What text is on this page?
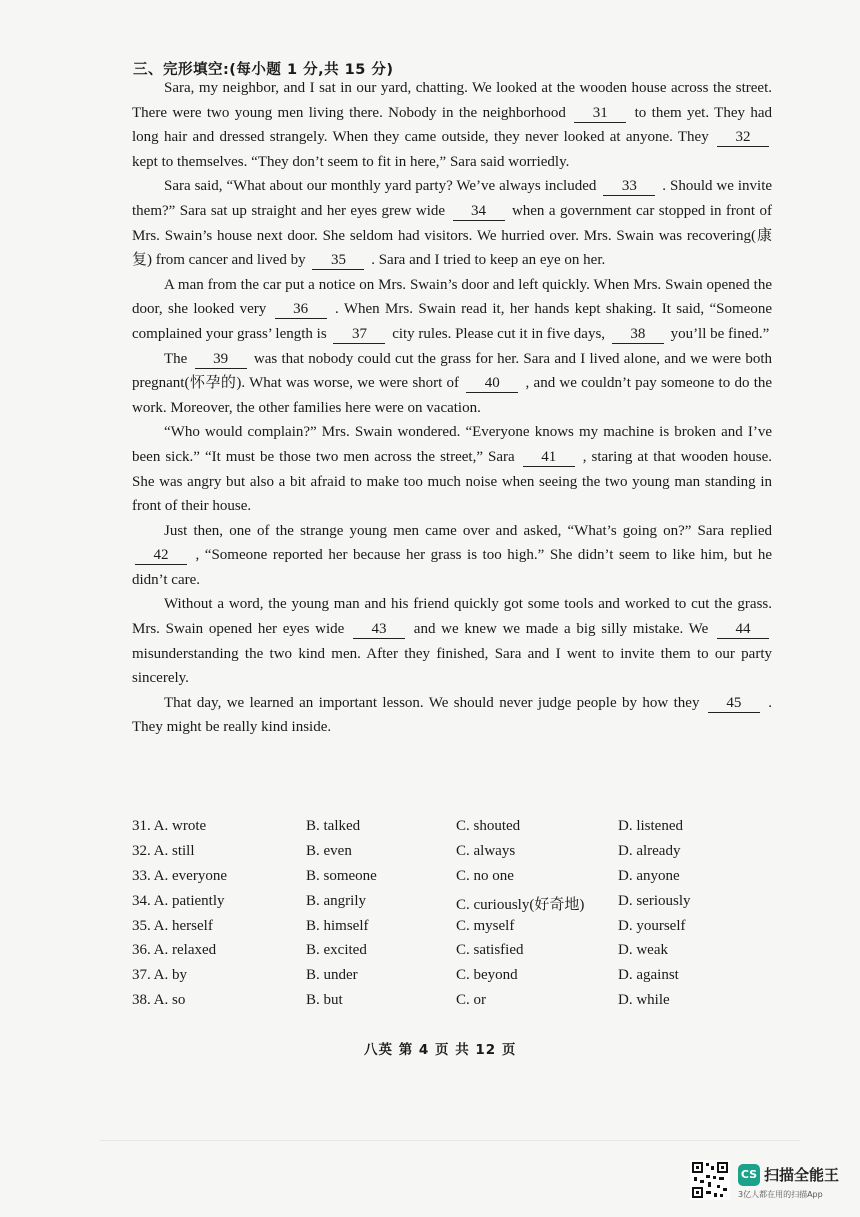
三、完形填空:(每小题 1 分,共 15 分)

Sara, my neighbor, and I sat in our yard, chatting. We looked at the wooden house across the street. There were two young men living there. Nobody in the neighborhood 31 to them yet. They had long hair and dressed strangely. When they came outside, they never looked at anyone. They 32 kept to themselves. “They don’t seem to fit in here,” Sara said worriedly.

Sara said, “What about our monthly yard party? We’ve always included 33 . Should we invite them?” Sara sat up straight and her eyes grew wide 34 when a government car stopped in front of Mrs. Swain’s house next door. She seldom had visitors. We hurried over. Mrs. Swain was recovering(康复) from cancer and lived by 35 . Sara and I tried to keep an eye on her.

A man from the car put a notice on Mrs. Swain’s door and left quickly. When Mrs. Swain opened the door, she looked very 36 . When Mrs. Swain read it, her hands kept shaking. It said, “Someone complained your grass’ length is 37 city rules. Please cut it in five days, 38 you’ll be fined.”

The 39 was that nobody could cut the grass for her. Sara and I lived alone, and we were both pregnant(怀孕的). What was worse, we were short of 40 , and we couldn’t pay someone to do the work. Moreover, the other families here were on vacation.

“Who would complain?” Mrs. Swain wondered. “Everyone knows my machine is broken and I’ve been sick.” “It must be those two men across the street,” Sara 41 , staring at that wooden house. She was angry but also a bit afraid to make too much noise when seeing the two young man standing in front of their house.

Just then, one of the strange young men came over and asked, “What’s going on?” Sara replied 42 , “Someone reported her because her grass is too high.” She didn’t seem to like him, but he didn’t care.

Without a word, the young man and his friend quickly got some tools and worked to cut the grass. Mrs. Swain opened her eyes wide 43 and we knew we made a big silly mistake. We 44 misunderstanding the two kind men. After they finished, Sara and I went to invite them to our party sincerely.

That day, we learned an important lesson. We should never judge people by how they 45 . They might be really kind inside.

31. A. wrote	B. talked	C. shouted	D. listened
32. A. still	B. even	C. always	D. already
33. A. everyone	B. someone	C. no one	D. anyone
34. A. patiently	B. angrily	C. curiously(好奇地) D. seriously
35. A. herself	B. himself	C. myself	D. yourself
36. A. relaxed	B. excited	C. satisfied	D. weak
37. A. by	B. under	C. beyond	D. against
38. A. so	B. but	C. or	D. while
八英 第 4 页 共 12 页
CS 扫描全能王
3亿人都在用的扫描App
